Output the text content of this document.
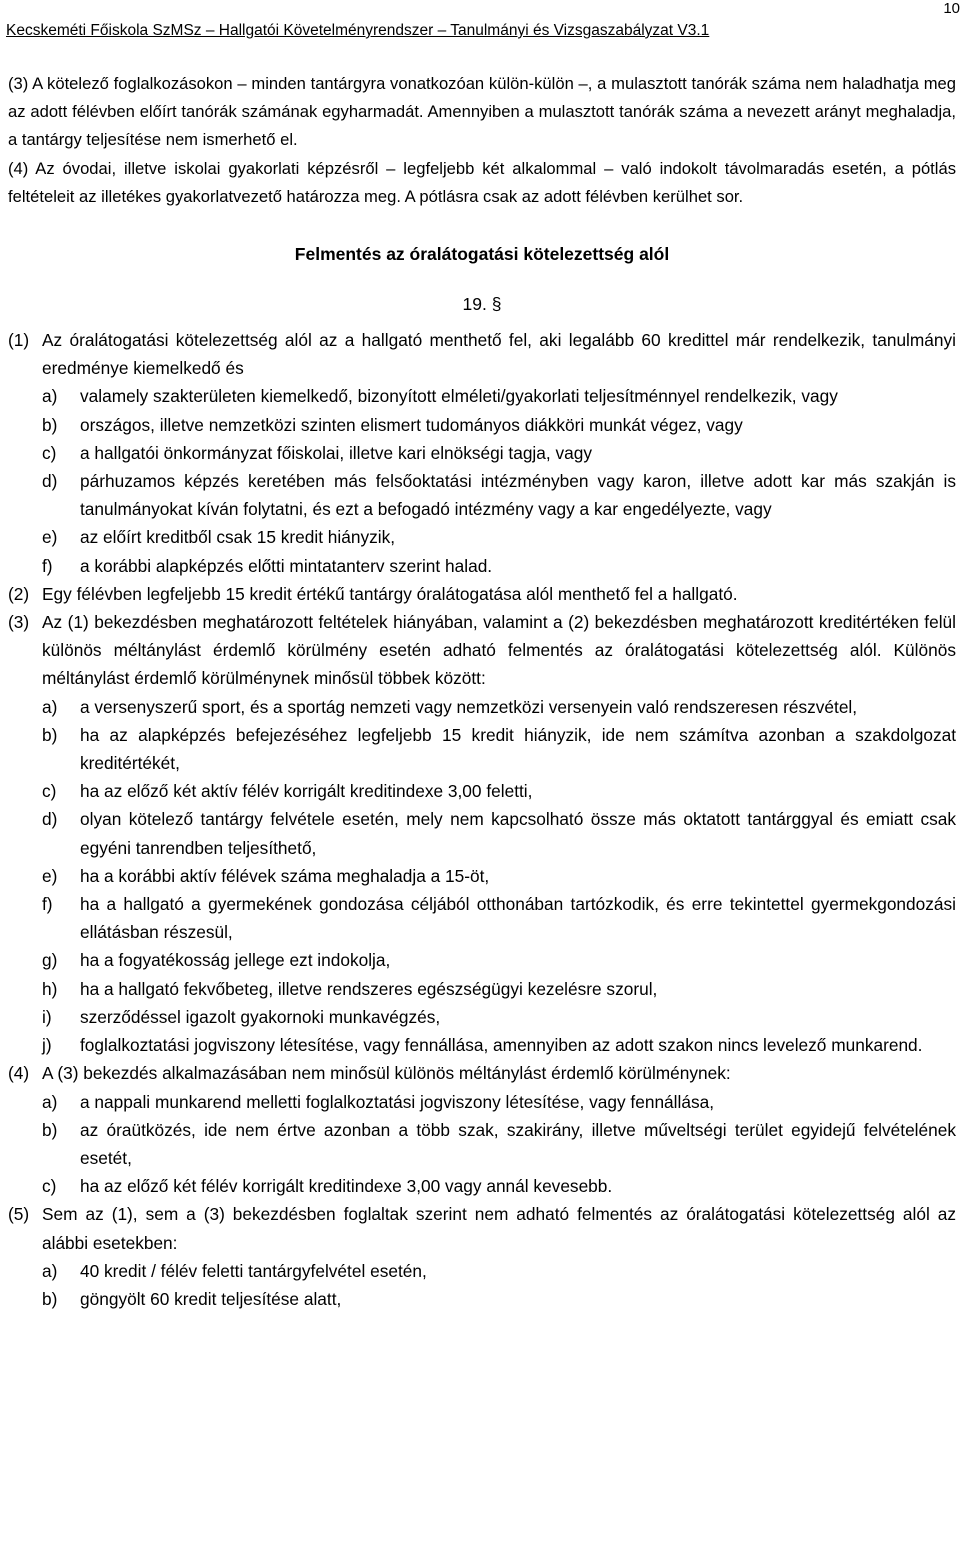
10
Kecskeméti Főiskola SzMSz – Hallgatói Követelményrendszer – Tanulmányi és Vizsgaszabályzat V3.1

(3) A kötelező foglalkozásokon – minden tantárgyra vonatkozóan külön-külön –, a mulasztott tanórák száma nem haladhatja meg az adott félévben előírt tanórák számának egyharmadát. Amennyiben a mulasztott tanórák száma a nevezett arányt meghaladja, a tantárgy teljesítése nem ismerhető el.

(4) Az óvodai, illetve iskolai gyakorlati képzésről – legfeljebb két alkalommal – való indokolt távolmaradás esetén, a pótlás feltételeit az illetékes gyakorlatvezető határozza meg. A pótlásra csak az adott félévben kerülhet sor.

Felmentés az óralátogatási kötelezettség alól
19. §
(1) Az óralátogatási kötelezettség alól az a hallgató menthető fel, aki legalább 60 kredittel már rendelkezik, tanulmányi eredménye kiemelkedő és
a)	valamely szakterületen kiemelkedő, bizonyított elméleti/gyakorlati teljesítménnyel rendelkezik, vagy
b)	országos, illetve nemzetközi szinten elismert tudományos diákköri munkát végez, vagy
c)	a hallgatói önkormányzat főiskolai, illetve kari elnökségi tagja, vagy
d)	párhuzamos képzés keretében más felsőoktatási intézményben vagy karon, illetve adott kar más szakján is tanulmányokat kíván folytatni, és ezt a befogadó intézmény vagy a kar engedélyezte, vagy
e)	az előírt kreditből csak 15 kredit hiányzik,
f)	a korábbi alapképzés előtti mintatanterv szerint halad.
(2) Egy félévben legfeljebb 15 kredit értékű tantárgy óralátogatása alól menthető fel a hallgató.
(3) Az (1) bekezdésben meghatározott feltételek hiányában, valamint a (2) bekezdésben meghatározott kreditértéken felül különös méltánylást érdemlő körülmény esetén adható felmentés az óralátogatási kötelezettség alól. Különös méltánylást érdemlő körülménynek minősül többek között:
a)	a versenyszerű sport, és a sportág nemzeti vagy nemzetközi versenyein való rendszeresen részvétel,
b)	ha az alapképzés befejezéséhez legfeljebb 15 kredit hiányzik, ide nem számítva azonban a szakdolgozat kreditértékét,
c)	ha az előző két aktív félév korrigált kreditindexe 3,00 feletti,
d)	olyan kötelező tantárgy felvétele esetén, mely nem kapcsolható össze más oktatott tantárggyal és emiatt csak egyéni tanrendben teljesíthető,
e)	ha a korábbi aktív félévek száma meghaladja a 15-öt,
f)	ha a hallgató a gyermekének gondozása céljából otthonában tartózkodik, és erre tekintettel gyermekgondozási ellátásban részesül,
g)	ha a fogyatékosság jellege ezt indokolja,
h)	ha a hallgató fekvőbeteg, illetve rendszeres egészségügyi kezelésre szorul,
i)	szerződéssel igazolt gyakornoki munkavégzés,
j)	foglalkoztatási jogviszony létesítése, vagy fennállása, amennyiben az adott szakon nincs levelező munkarend.
(4) A (3) bekezdés alkalmazásában nem minősül különös méltánylást érdemlő körülménynek:
a)	a nappali munkarend melletti foglalkoztatási jogviszony létesítése, vagy fennállása,
b)	az óraütközés, ide nem értve azonban a több szak, szakirány, illetve műveltségi terület egyidejű felvételének esetét,
c)	ha az előző két félév korrigált kreditindexe 3,00 vagy annál kevesebb.
(5) Sem az (1), sem a (3) bekezdésben foglaltak szerint nem adható felmentés az óralátogatási kötelezettség alól az alábbi esetekben:
a)	40 kredit / félév feletti tantárgyfelvétel esetén,
b)	göngyölt 60 kredit teljesítése alatt,
